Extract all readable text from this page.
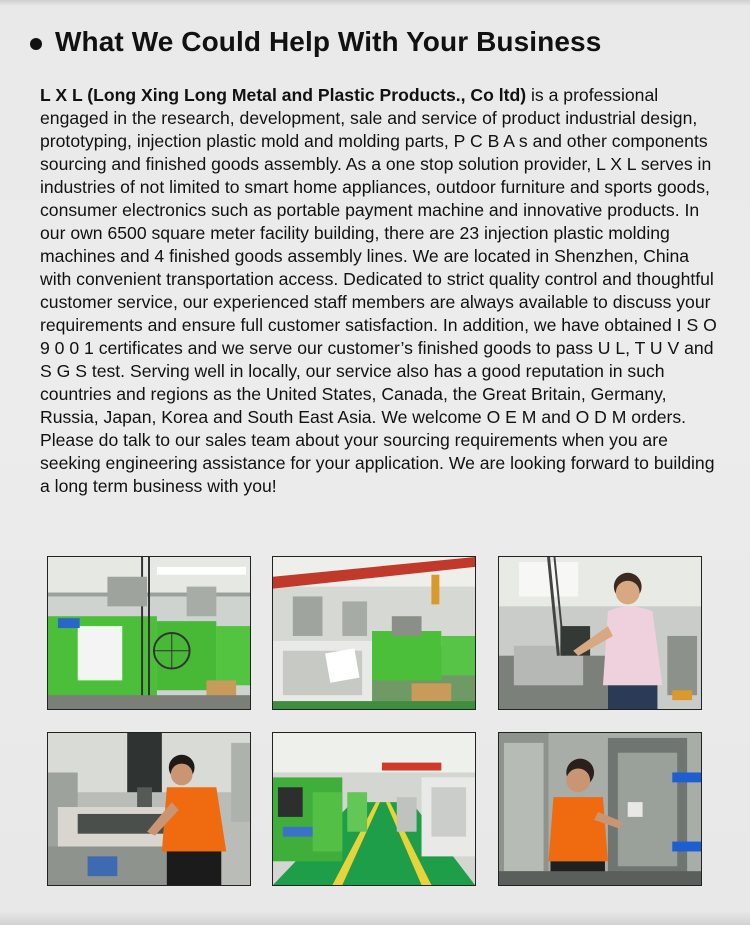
What We Could Help With Your Business

L X L (Long Xing Long Metal and Plastic Products., Co ltd) is a professional engaged in the research, development, sale and service of product industrial design, prototyping, injection plastic mold and molding parts, P C B A s and other components sourcing and finished goods assembly. As a one stop solution provider, L X L serves in industries of not limited to smart home appliances, outdoor furniture and sports goods, consumer electronics such as portable payment machine and innovative products. In our own 6500 square meter facility building, there are 23 injection plastic molding machines and 4 finished goods assembly lines. We are located in Shenzhen, China with convenient transportation access. Dedicated to strict quality control and thoughtful customer service, our experienced staff members are always available to discuss your requirements and ensure full customer satisfaction. In addition, we have obtained I S O 9 0 0 1 certificates and we serve our customer’s finished goods to pass U L, T U V and S G S test. Serving well in locally, our service also has a good reputation in such countries and regions as the United States, Canada, the Great Britain, Germany, Russia, Japan, Korea and South East Asia. We welcome O E M and O D M orders. Please do talk to our sales team about your sourcing requirements when you are seeking engineering assistance for your application. We are looking forward to building a long term business with you!
